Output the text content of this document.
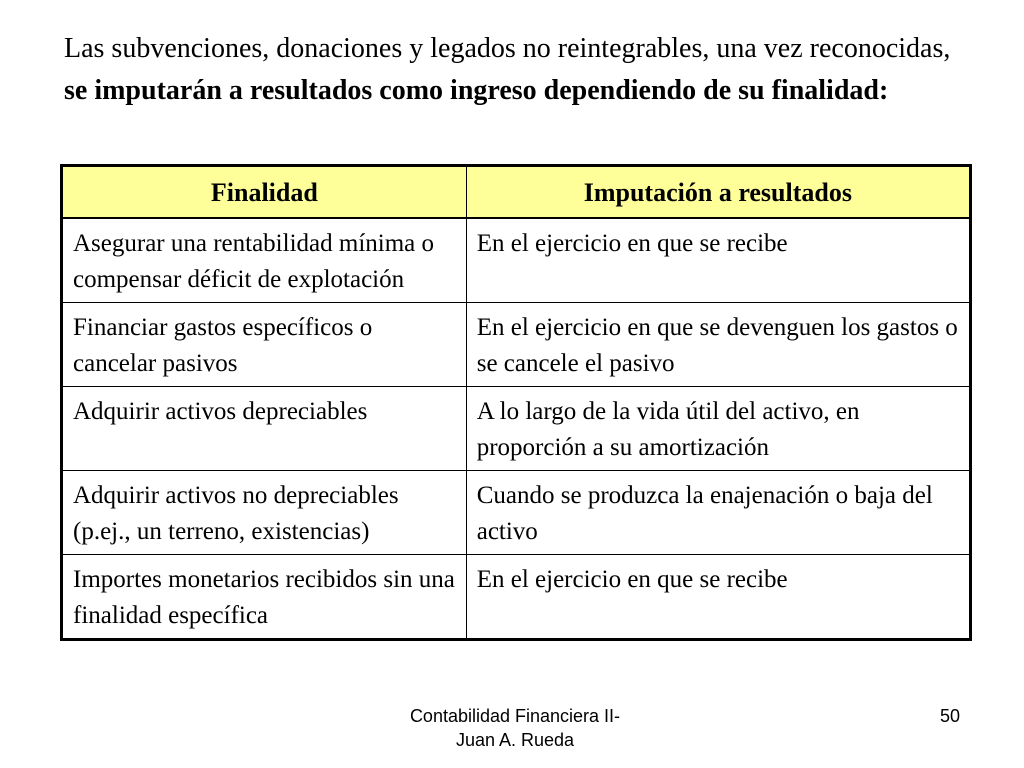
Las subvenciones, donaciones y legados no reintegrables, una vez reconocidas, se imputarán a resultados como ingreso dependiendo de su finalidad:

Finalidad	Imputación a resultados
Asegurar una rentabilidad mínima o compensar déficit de explotación	En el ejercicio en que se recibe
Financiar gastos específicos o cancelar pasivos	En el ejercicio en que se devenguen los gastos o se cancele el pasivo
Adquirir activos depreciables	A lo largo de la vida útil del activo, en proporción a su amortización
Adquirir activos no depreciables (p.ej., un terreno, existencias)	Cuando se produzca la enajenación o baja del activo
Importes monetarios recibidos sin una finalidad específica	En el ejercicio en que se recibe
Contabilidad Financiera II-
Juan A. Rueda
50
